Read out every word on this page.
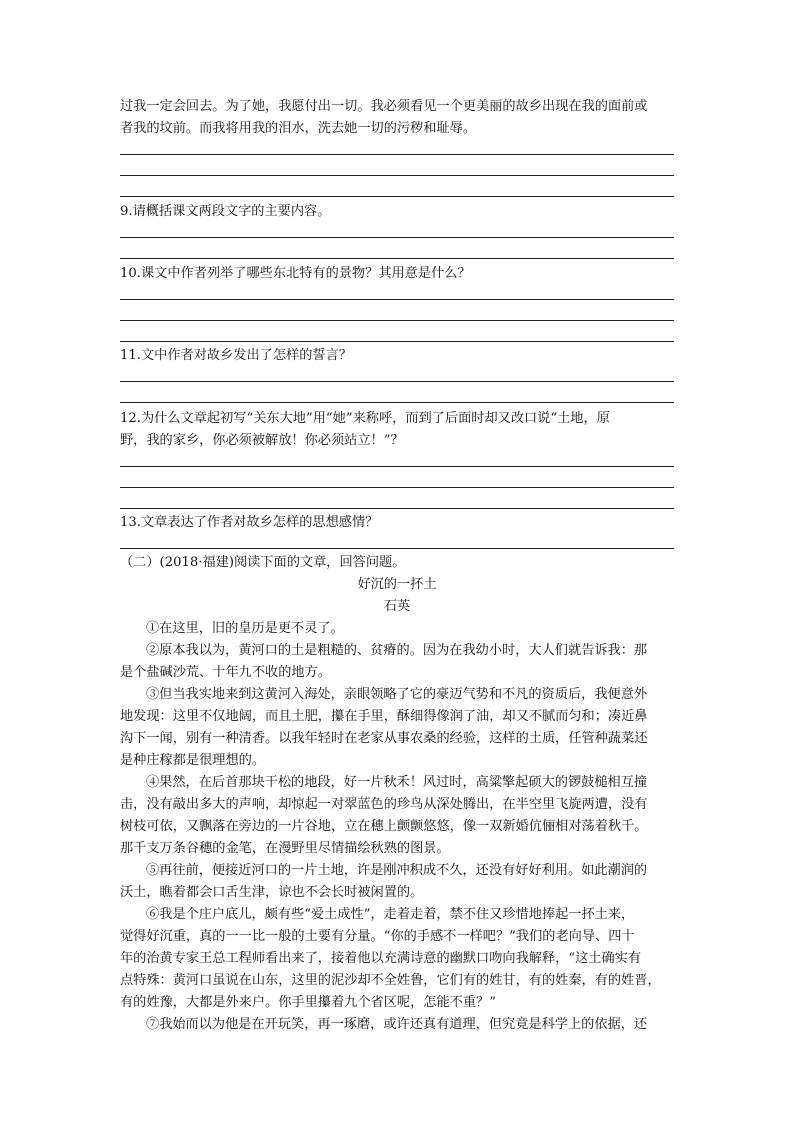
过我一定会回去。为了她，我愿付出一切。我必须看见一个更美丽的故乡出现在我的面前或
者我的坟前。而我将用我的泪水，洗去她一切的污秽和耻辱。
9.请概括课文两段文字的主要内容。
10.课文中作者列举了哪些东北特有的景物？其用意是什么？
11.文中作者对故乡发出了怎样的誓言？
12.为什么文章起初写“关东大地”用“她”来称呼，而到了后面时却又改口说“土地，原
野，我的家乡，你必须被解放！你必须站立！”？
13.文章表达了作者对故乡怎样的思想感情？
（二）(2018·福建)阅读下面的文章，回答问题。
好沉的一抔土
石英
①在这里，旧的皇历是更不灵了。
②原本我以为，黄河口的土是粗糙的、贫瘠的。因为在我幼小时，大人们就告诉我：那
是个盐碱沙荒、十年九不收的地方。
③但当我实地来到这黄河入海处，亲眼领略了它的豪迈气势和不凡的资质后，我便意外
地发现：这里不仅地阔，而且土肥，攥在手里，酥细得像润了油，却又不腻而匀和；凑近鼻
沟下一闻，别有一种清香。以我年轻时在老家从事农桑的经验，这样的土质，任管种蔬菜还
是种庄稼都是很理想的。
④果然，在后首那块干松的地段，好一片秋禾！风过时，高粱擎起硕大的锣鼓槌相互撞
击，没有敲出多大的声响，却惊起一对翠蓝色的珍鸟从深处腾出，在半空里飞旋两遭，没有
树枝可依，又飘落在旁边的一片谷地，立在穗上颤颤悠悠，像一双新婚伉俪相对荡着秋千。
那千支万条谷穗的金笔，在漫野里尽情描绘秋熟的图景。
⑤再往前，便接近河口的一片土地，许是刚冲积成不久，还没有好好利用。如此潮润的
沃土，瞧着都会口舌生津，谅也不会长时被闲置的。
⑥我是个庄户底儿，颇有些“爱土成性”，走着走着，禁不住又珍惜地捧起一抔土来，
觉得好沉重，真的一一比一般的土要有分量。“你的手感不一样吧？”我们的老向导、四十
年的治黄专家王总工程师看出来了，接着他以充满诗意的幽默口吻向我解释，“这土确实有
点特殊：黄河口虽说在山东，这里的泥沙却不全姓鲁，它们有的姓甘，有的姓秦，有的姓晋，
有的姓豫，大都是外来户。你手里攥着九个省区呢，怎能不重？”
⑦我始而以为他是在开玩笑，再一琢磨，或许还真有道理，但究竟是科学上的依据，还
